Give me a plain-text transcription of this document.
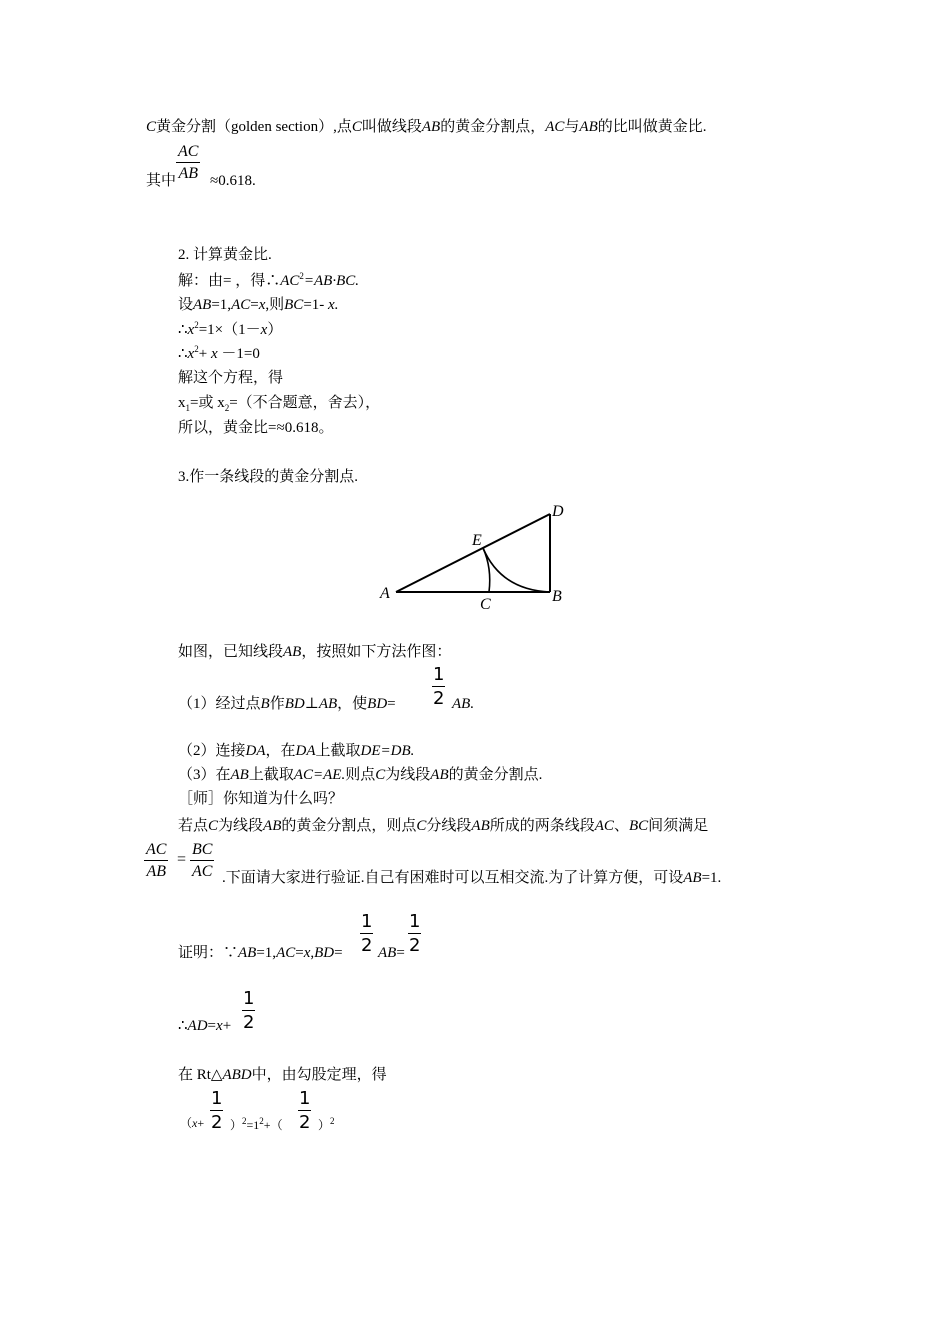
C黄金分割（golden section）,点C叫做线段AB的黄金分割点，AC与AB的比叫做黄金比.
$\frac{AC}{AB}$
其中 ≈0.618.
2. 计算黄金比.
解：由= ，得$\therefore AC^2=AB\cdot BC$.
设AB=1,AC=x,则BC=1- x.
$\therefore x^2=1\times(1-x)$
$\therefore x^2+ x -1=0$
解这个方程，得
$x_1=$或 $x_2=$（不合题意，舍去），
所以，黄金比=≈0.618。
3.作一条线段的黄金分割点.
A	B
C
D
E
如图，已知线段AB，按照如下方法作图：
$\frac{1}{2}$
（1）经过点B作BD⊥AB，使BD=	AB.
（2）连接DA，在DA上截取DE=DB.
（3）在AB上截取AC=AE.则点C为线段AB的黄金分割点.
［师］你知道为什么吗？
若点C为线段AB的黄金分割点，则点C分线段AB所成的两条线段AC、BC间须满足
$\frac{AC}{AB} = \frac{BC}{AC}$ .下面请大家进行验证.自己有困难时可以互相交流.为了计算方便，可设AB=1.
$\frac{1}{2} \frac{1}{2}$
证明：∵AB=1,AC=x,BD= AB=
$\frac{1}{2}$
∴AD=x+
在 Rt△ABD中，由勾股定理，得
$\frac{1}{2}$	$\frac{1}{2}$
$(x+ )^2=1^2+$（	）$^2$
